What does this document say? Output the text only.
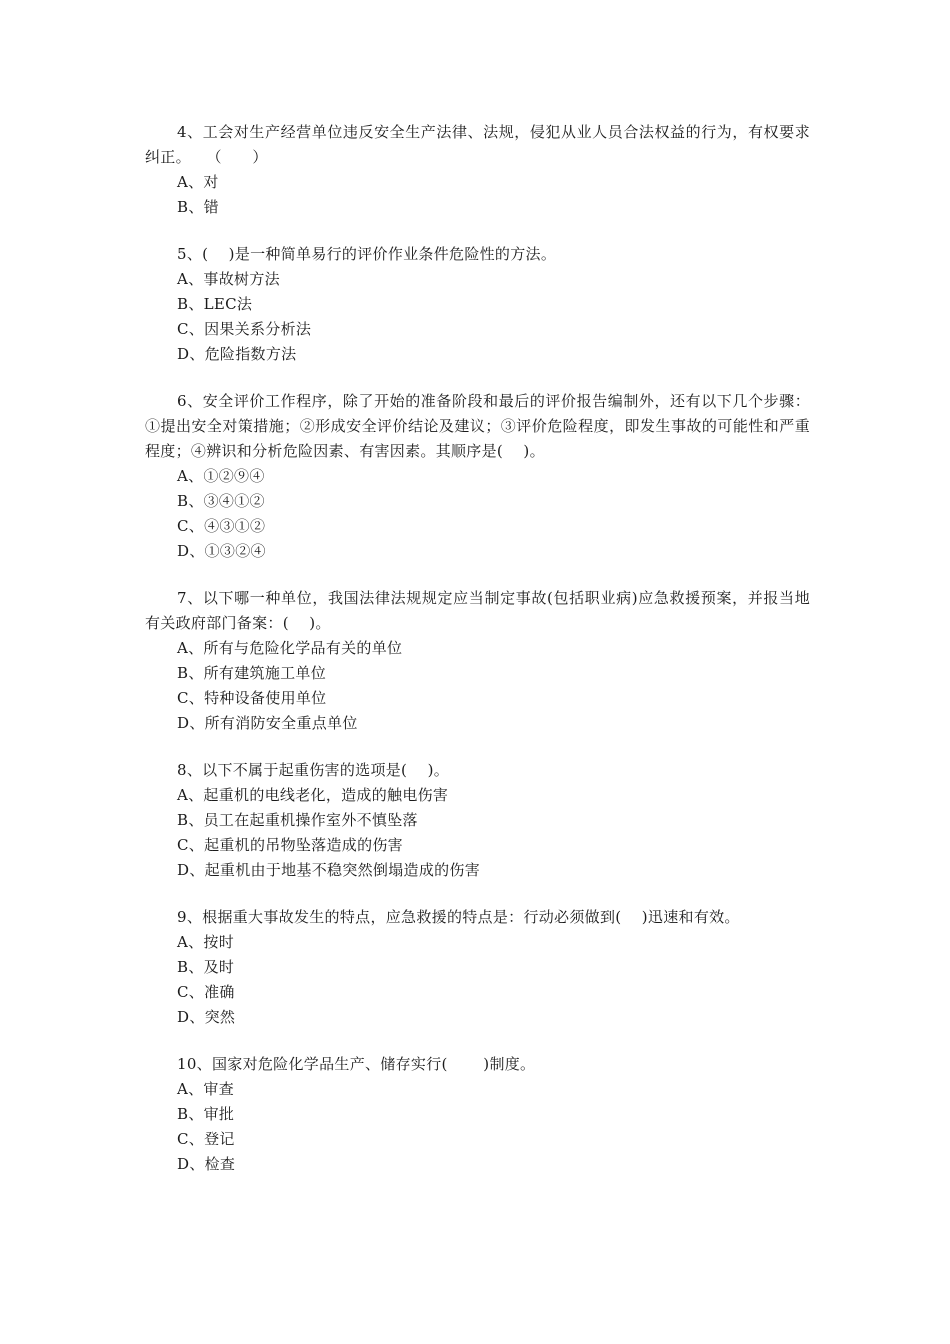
4、工会对生产经营单位违反安全生产法律、法规，侵犯从业人员合法权益的行为，有权要求纠正。　　（　　）

A、对
B、错

5、(　 )是一种简单易行的评价作业条件危险性的方法。

A、事故树方法
B、LEC法
C、因果关系分析法
D、危险指数方法

6、安全评价工作程序，除了开始的准备阶段和最后的评价报告编制外，还有以下几个步骤：①提出安全对策措施；②形成安全评价结论及建议；③评价危险程度，即发生事故的可能性和严重程度；④辨识和分析危险因素、有害因素。其顺序是(　 )。

A、①②⑨④
B、③④①②
C、④③①②
D、①③②④

7、以下哪一种单位，我国法律法规规定应当制定事故(包括职业病)应急救援预案，并报当地有关政府部门备案：(　 )。

A、所有与危险化学品有关的单位
B、所有建筑施工单位
C、特种设备使用单位
D、所有消防安全重点单位

8、以下不属于起重伤害的选项是(　 )。

A、起重机的电线老化，造成的触电伤害
B、员工在起重机操作室外不慎坠落
C、起重机的吊物坠落造成的伤害
D、起重机由于地基不稳突然倒塌造成的伤害

9、根据重大事故发生的特点，应急救援的特点是：行动必须做到(　 )迅速和有效。

A、按时
B、及时
C、准确
D、突然

10、国家对危险化学品生产、储存实行(　　 )制度。

A、审查
B、审批
C、登记
D、检查
